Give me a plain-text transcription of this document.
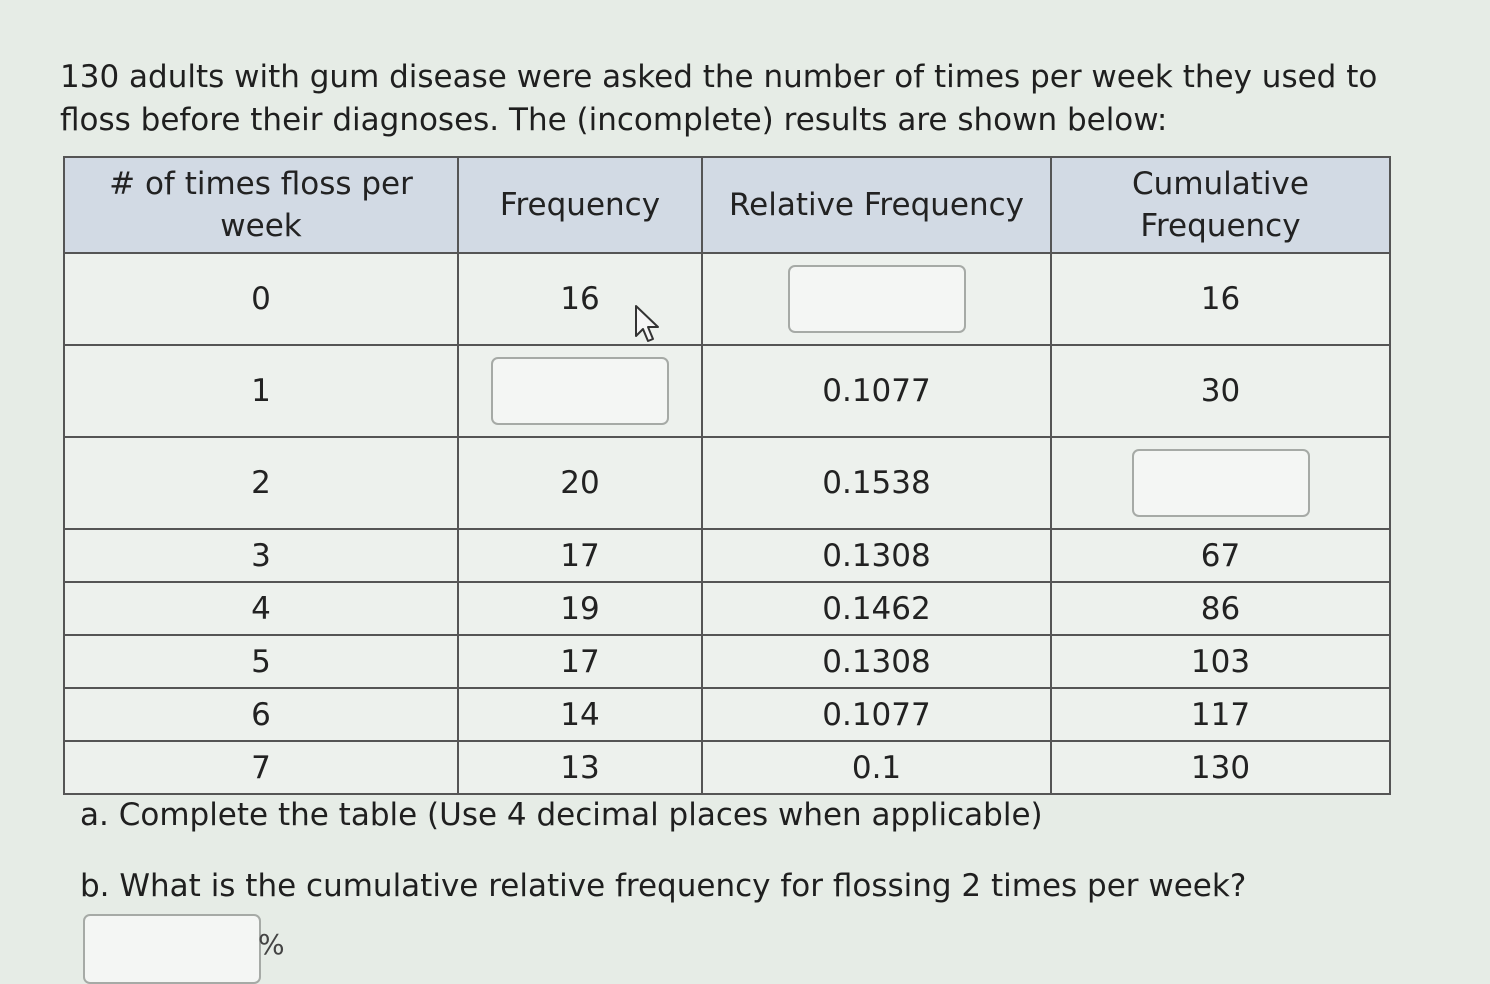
130 adults with gum disease were asked the number of times per week they used to floss before their diagnoses. The (incomplete) results are shown below:
# of times floss per week	Frequency	Relative Frequency	Cumulative Frequency
0	16		16
1		0.1077	30
2	20	0.1538	
3	17	0.1308	67
4	19	0.1462	86
5	17	0.1308	103
6	14	0.1077	117
7	13	0.1	130
a. Complete the table (Use 4 decimal places when applicable)
b. What is the cumulative relative frequency for flossing 2 times per week?
%
